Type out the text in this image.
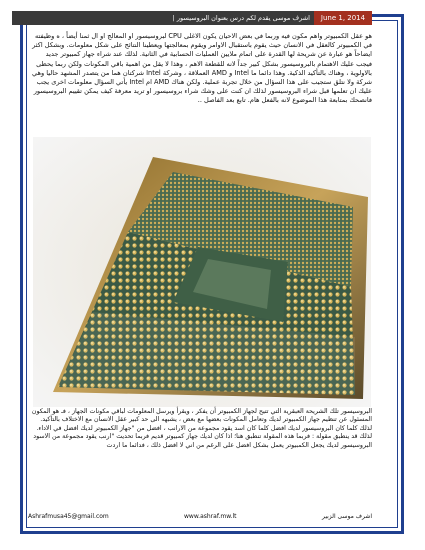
اشرف موسى يقدم لكم درس بعنوان البروسيسور |	June 1, 2014
هو عقل الكمبيوتر واهم مكون فيه وربما في بعض الاحيان يكون الاغلى CPU لبروسيسور او المعالج او ال ثمنا أيضاً ، ه وظيفته في الكمبيوتر كالعقل في الانسان حيث يقوم باستقبال الاوامر ويقوم بمعالجتها ويعطينا النتائج على شكل معلومات. وبشكل اكثر ايضاحاً هو عبارة عن شريحة لها القدرة على اتمام ملايين العمليات الحسابية في الثانية. لذلك عند شراء جهاز كمبيوتر جديد فيجب عليك الاهتمام بالبروسيسور بشكل كبير جداً لانه للقطعة الاهم ، وهذا لا يقل من اهمية باقي المكونات ولكن ربما يحظى بالاولوية ، وهناك بالتأكيد الذكية. وهذا دائما ما Intel و AMD العملاقة ، وشركة Intel شركتان هما من يتصدر المشهد حاليا وهي شركة ولا نتلق ستجيب على هذا السؤال من خلال تجربة عملية. ولكن هناك AMD ام Intel يأتي السؤال معلومات اخرى يجب عليك ان تعلمها قبل شراء البروسيسور لذلك ان كنت على وشك شراء بروسيسور او تريد معرفة كيف يمكن تقييم البروسيسور فانصحك بمتابعة هذا الموضوع لانه بالفعل هام. تابع بعد الفاصل ..
البروسيسور تلك الشريحة العبقرية التي تتيح لجهاز الكمبيوتر أن يفكر ، ويقرأ ويرسل المعلومات لباقي مكونات الجهاز ، فـ هو المكون المسئول عن تنظيم جهاز الكمبيوتر لديك وتعامل المكونات بعضها مع بعض ، يشبهه الى حد كبير عقل الانسان مع الاختلاف بالتأكيد. لذلك كلما كان البروسيسور لديك افضل كلما كان اسد يقود مجموعة من الارانب ، افضل من "جهاز الكمبيوتر لديك افضل في الاداء. لذلك قد ينطبق مقولة : فربما هذه المقولة تنطبق هنا؛ اذا كان لديك جهاز كمبيوتر قديم فربما تحديث "ارنب يقود مجموعة من الاسود البروسيسور لديك يجعل الكمبيوتر يعمل بشكل افضل على الرغم من اني لا افضل ذلك ، فدائما ما اردت
Ashrafmusa45@gmail.com	www.ashraf.mw.lt	اشرف موسى الزبير
